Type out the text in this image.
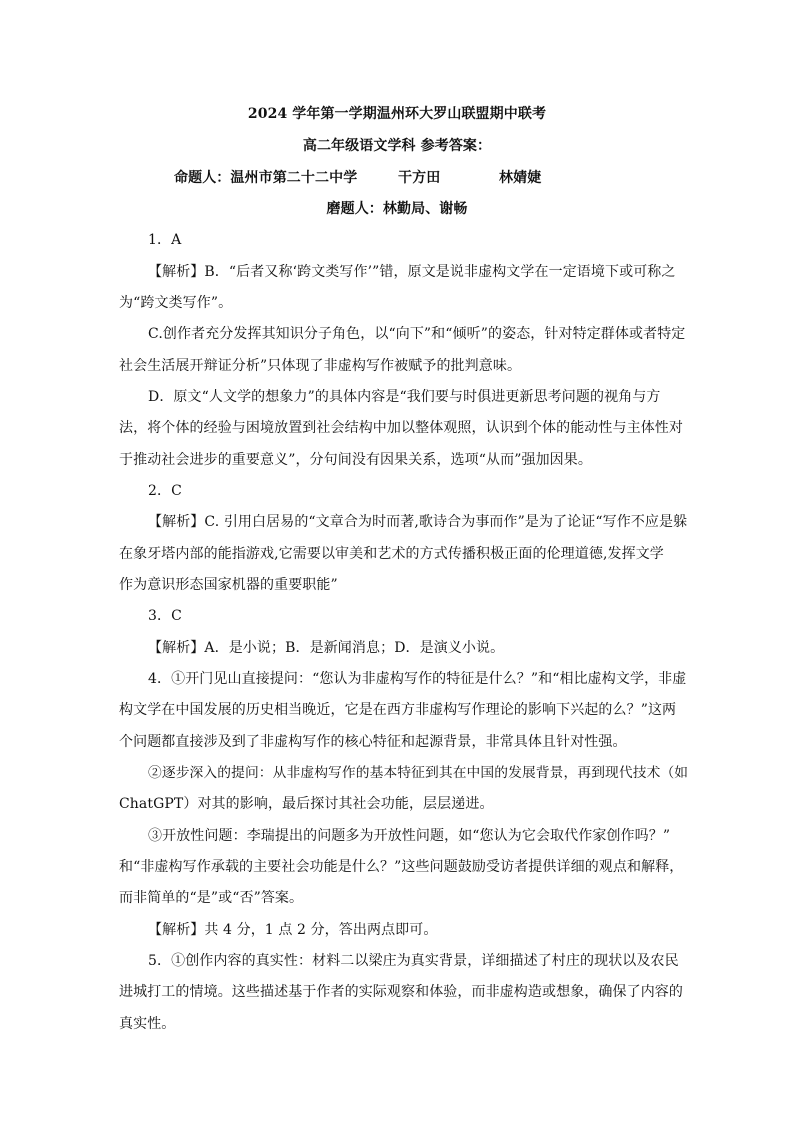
2024 学年第一学期温州环大罗山联盟期中联考
高二年级语文学科 参考答案：
命题人：温州市第二十二中学	干方田	林婧婕
磨题人：林勤局、谢畅
1．A
【解析】B．“后者又称‘跨文类写作’”错，原文是说非虚构文学在一定语境下或可称之
为“跨文类写作”。
C.创作者充分发挥其知识分子角色，以“向下”和“倾听”的姿态，针对特定群体或者特定
社会生活展开辩证分析”只体现了非虚构写作被赋予的批判意味。
D．原文“人文学的想象力”的具体内容是“我们要与时俱进更新思考问题的视角与方
法，将个体的经验与困境放置到社会结构中加以整体观照，认识到个体的能动性与主体性对
于推动社会进步的重要意义”，分句间没有因果关系，选项“从而”强加因果。
2．C
【解析】C. 引用白居易的“文章合为时而著,歌诗合为事而作”是为了论证“写作不应是躲
在象牙塔内部的能指游戏,它需要以审美和艺术的方式传播积极正面的伦理道德,发挥文学
作为意识形态国家机器的重要职能”
3．C
【解析】A．是小说；B．是新闻消息；D．是演义小说。
4．①开门见山直接提问：“您认为非虚构写作的特征是什么？”和“相比虚构文学，非虚
构文学在中国发展的历史相当晚近，它是在西方非虚构写作理论的影响下兴起的么？”这两
个问题都直接涉及到了非虚构写作的核心特征和起源背景，非常具体且针对性强。
②逐步深入的提问：从非虚构写作的基本特征到其在中国的发展背景，再到现代技术（如
ChatGPT）对其的影响，最后探讨其社会功能，层层递进。
③开放性问题：李瑞提出的问题多为开放性问题，如“您认为它会取代作家创作吗？”
和“非虚构写作承载的主要社会功能是什么？”这些问题鼓励受访者提供详细的观点和解释，
而非简单的“是”或“否”答案。
【解析】共 4 分，1 点 2 分，答出两点即可。
5．①创作内容的真实性：材料二以梁庄为真实背景，详细描述了村庄的现状以及农民
进城打工的情境。这些描述基于作者的实际观察和体验，而非虚构造或想象，确保了内容的
真实性。
